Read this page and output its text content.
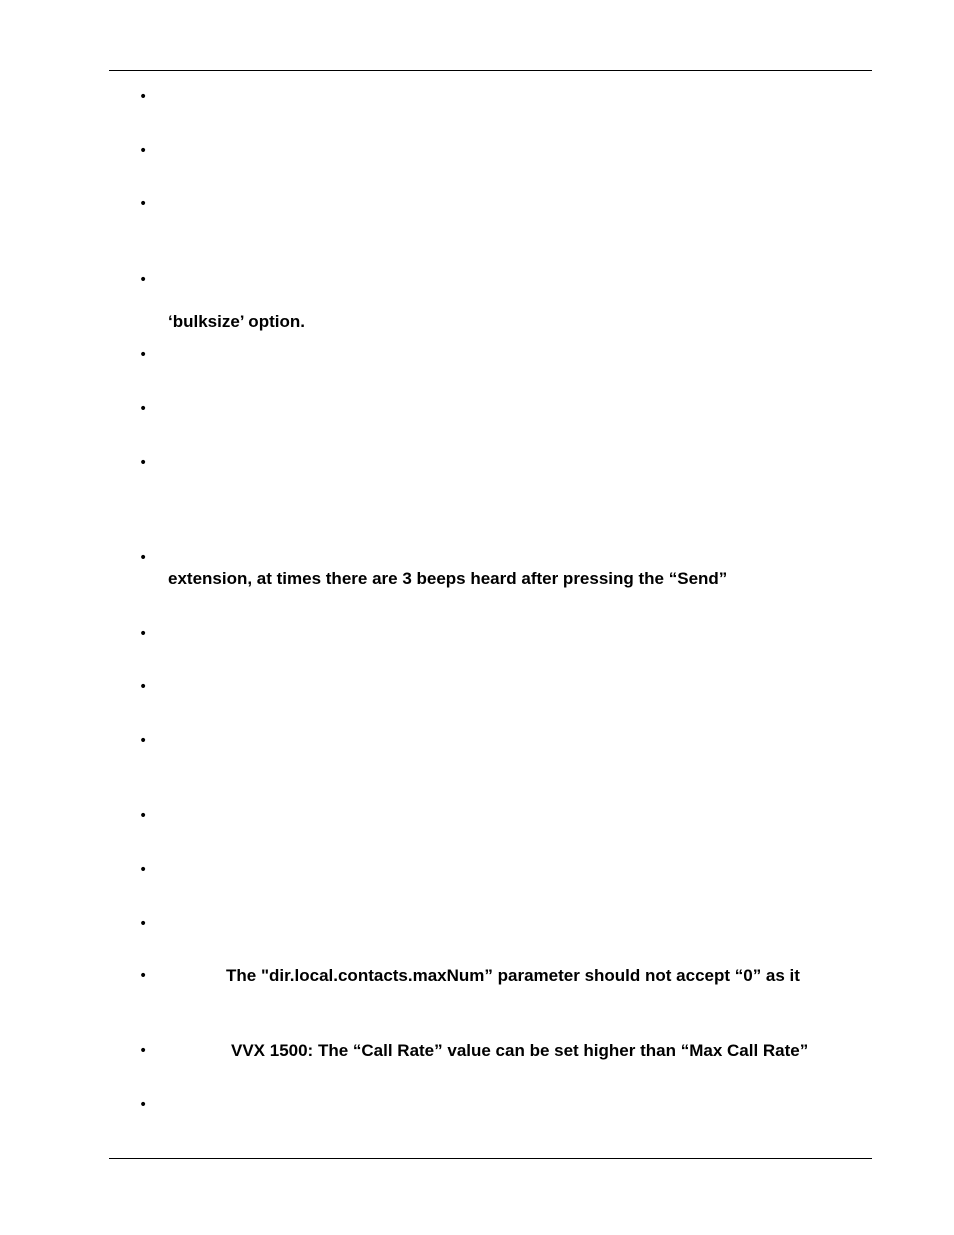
•
•
•
•
•
•
•
•
•
•
•
•
•
•
•
•
•
‘bulksize’ option.
extension, at times there are 3 beeps heard after pressing the “Send”
The "dir.local.contacts.maxNum” parameter should not accept “0” as it
VVX 1500: The “Call Rate” value can be set higher than “Max Call Rate”
